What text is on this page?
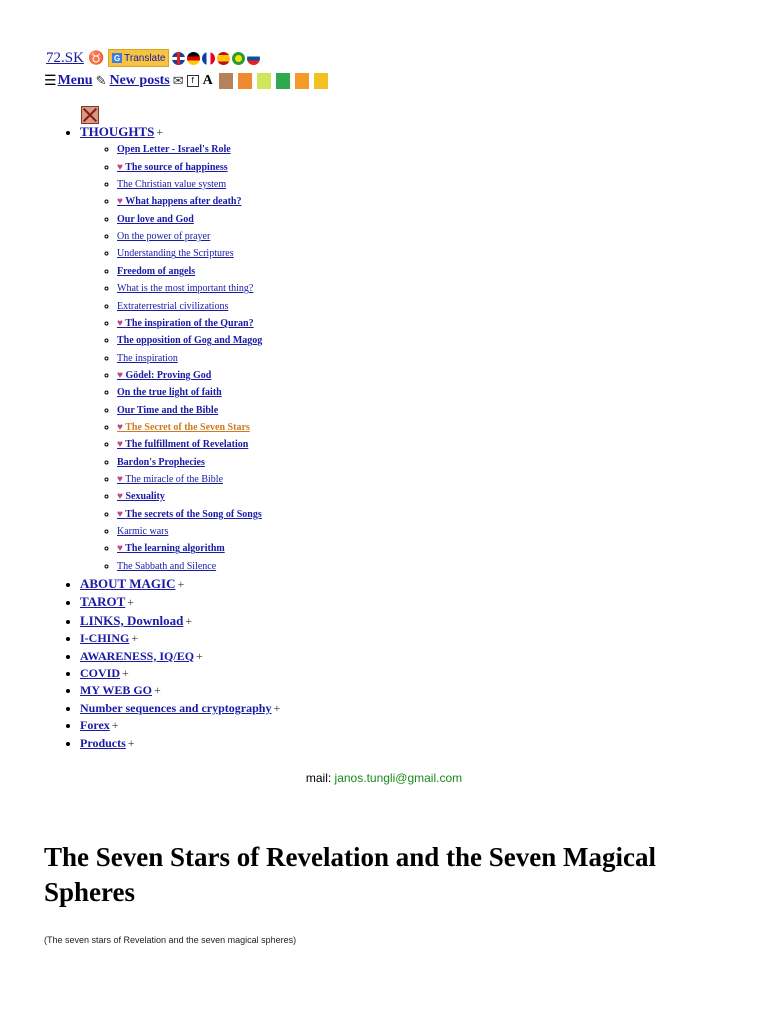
72.SK ♉ G Translate
☰ Menu ✎ New posts ✉ f A
• THOUGHTS +
◦ Open Letter - Israel's Role
◦ ♥ The source of happiness
◦ The Christian value system
◦ ♥ What happens after death?
◦ Our love and God
◦ On the power of prayer
◦ Understanding the Scriptures
◦ Freedom of angels
◦ What is the most important thing?
◦ Extraterrestrial civilizations
◦ ♥ The inspiration of the Quran?
◦ The opposition of Gog and Magog
◦ The inspiration
◦ ♥ Gödel: Proving God
◦ On the true light of faith
◦ Our Time and the Bible
◦ ♥ The Secret of the Seven Stars
◦ ♥ The fulfillment of Revelation
◦ Bardon's Prophecies
◦ ♥ The miracle of the Bible
◦ ♥ Sexuality
◦ ♥ The secrets of the Song of Songs
◦ Karmic wars
◦ ♥ The learning algorithm
◦ The Sabbath and Silence
• ABOUT MAGIC +
• TAROT +
• LINKS, Download +
• I-CHING +
• AWARENESS, IQ/EQ +
• COVID +
• MY WEB GO +
• Number sequences and cryptography +
• Forex +
• Products +
mail: janos.tungli@gmail.com
The Seven Stars of Revelation and the Seven Magical Spheres
(The seven stars of Revelation and the seven magical spheres)
